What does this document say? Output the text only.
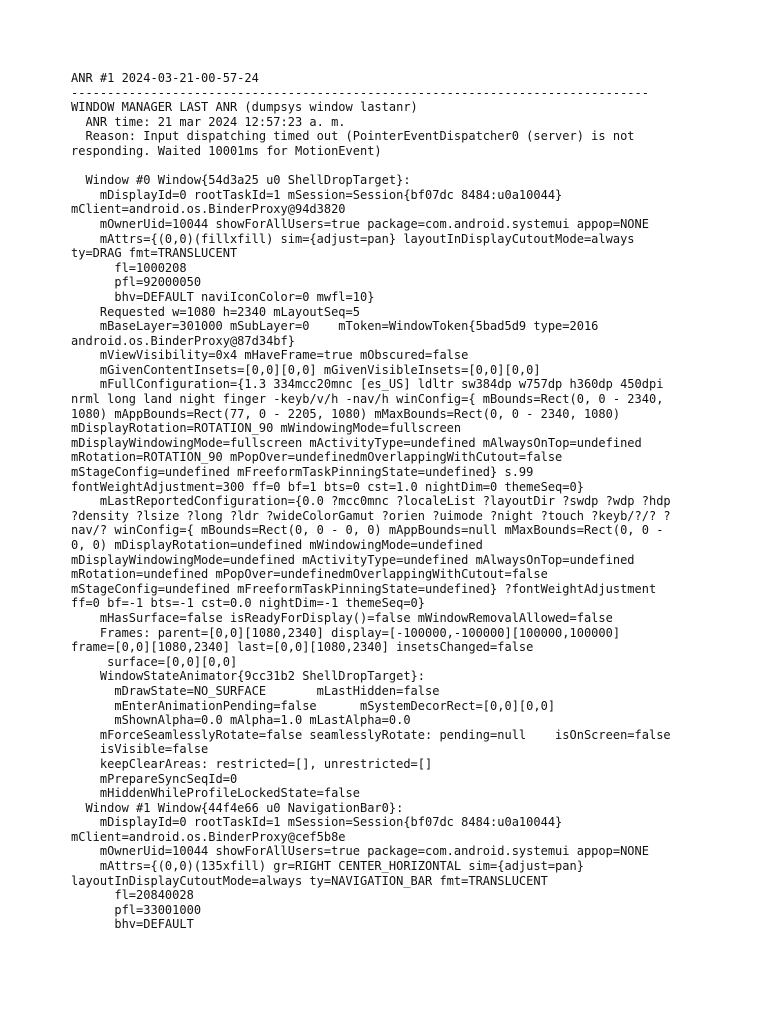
ANR #1 2024-03-21-00-57-24
--------------------------------------------------------------------------------
WINDOW MANAGER LAST ANR (dumpsys window lastanr)
ANR time: 21 mar 2024 12:57:23 a. m.
Reason: Input dispatching timed out (PointerEventDispatcher0 (server) is not
responding. Waited 10001ms for MotionEvent)
Window #0 Window{54d3a25 u0 ShellDropTarget}:
mDisplayId=0 rootTaskId=1 mSession=Session{bf07dc 8484:u0a10044}
mClient=android.os.BinderProxy@94d3820
mOwnerUid=10044 showForAllUsers=true package=com.android.systemui appop=NONE
mAttrs={(0,0)(fillxfill) sim={adjust=pan} layoutInDisplayCutoutMode=always
ty=DRAG fmt=TRANSLUCENT
fl=1000208
pfl=92000050
bhv=DEFAULT naviIconColor=0 mwfl=10}
Requested w=1080 h=2340 mLayoutSeq=5
mBaseLayer=301000 mSubLayer=0    mToken=WindowToken{5bad5d9 type=2016
android.os.BinderProxy@87d34bf}
mViewVisibility=0x4 mHaveFrame=true mObscured=false
mGivenContentInsets=[0,0][0,0] mGivenVisibleInsets=[0,0][0,0]
mFullConfiguration={1.3 334mcc20mnc [es_US] ldltr sw384dp w757dp h360dp 450dpi
nrml long land night finger -keyb/v/h -nav/h winConfig={ mBounds=Rect(0, 0 - 2340,
1080) mAppBounds=Rect(77, 0 - 2205, 1080) mMaxBounds=Rect(0, 0 - 2340, 1080)
mDisplayRotation=ROTATION_90 mWindowingMode=fullscreen
mDisplayWindowingMode=fullscreen mActivityType=undefined mAlwaysOnTop=undefined
mRotation=ROTATION_90 mPopOver=undefinedmOverlappingWithCutout=false
mStageConfig=undefined mFreeformTaskPinningState=undefined} s.99
fontWeightAdjustment=300 ff=0 bf=1 bts=0 cst=1.0 nightDim=0 themeSeq=0}
mLastReportedConfiguration={0.0 ?mcc0mnc ?localeList ?layoutDir ?swdp ?wdp ?hdp
?density ?lsize ?long ?ldr ?wideColorGamut ?orien ?uimode ?night ?touch ?keyb/?/? ?
nav/? winConfig={ mBounds=Rect(0, 0 - 0, 0) mAppBounds=null mMaxBounds=Rect(0, 0 -
0, 0) mDisplayRotation=undefined mWindowingMode=undefined
mDisplayWindowingMode=undefined mActivityType=undefined mAlwaysOnTop=undefined
mRotation=undefined mPopOver=undefinedmOverlappingWithCutout=false
mStageConfig=undefined mFreeformTaskPinningState=undefined} ?fontWeightAdjustment
ff=0 bf=-1 bts=-1 cst=0.0 nightDim=-1 themeSeq=0}
mHasSurface=false isReadyForDisplay()=false mWindowRemovalAllowed=false
Frames: parent=[0,0][1080,2340] display=[-100000,-100000][100000,100000]
frame=[0,0][1080,2340] last=[0,0][1080,2340] insetsChanged=false
surface=[0,0][0,0]
WindowStateAnimator{9cc31b2 ShellDropTarget}:
mDrawState=NO_SURFACE       mLastHidden=false
mEnterAnimationPending=false      mSystemDecorRect=[0,0][0,0]
mShownAlpha=0.0 mAlpha=1.0 mLastAlpha=0.0
mForceSeamlesslyRotate=false seamlesslyRotate: pending=null    isOnScreen=false
isVisible=false
keepClearAreas: restricted=[], unrestricted=[]
mPrepareSyncSeqId=0
mHiddenWhileProfileLockedState=false
Window #1 Window{44f4e66 u0 NavigationBar0}:
mDisplayId=0 rootTaskId=1 mSession=Session{bf07dc 8484:u0a10044}
mClient=android.os.BinderProxy@cef5b8e
mOwnerUid=10044 showForAllUsers=true package=com.android.systemui appop=NONE
mAttrs={(0,0)(135xfill) gr=RIGHT CENTER_HORIZONTAL sim={adjust=pan}
layoutInDisplayCutoutMode=always ty=NAVIGATION_BAR fmt=TRANSLUCENT
fl=20840028
pfl=33001000
bhv=DEFAULT
